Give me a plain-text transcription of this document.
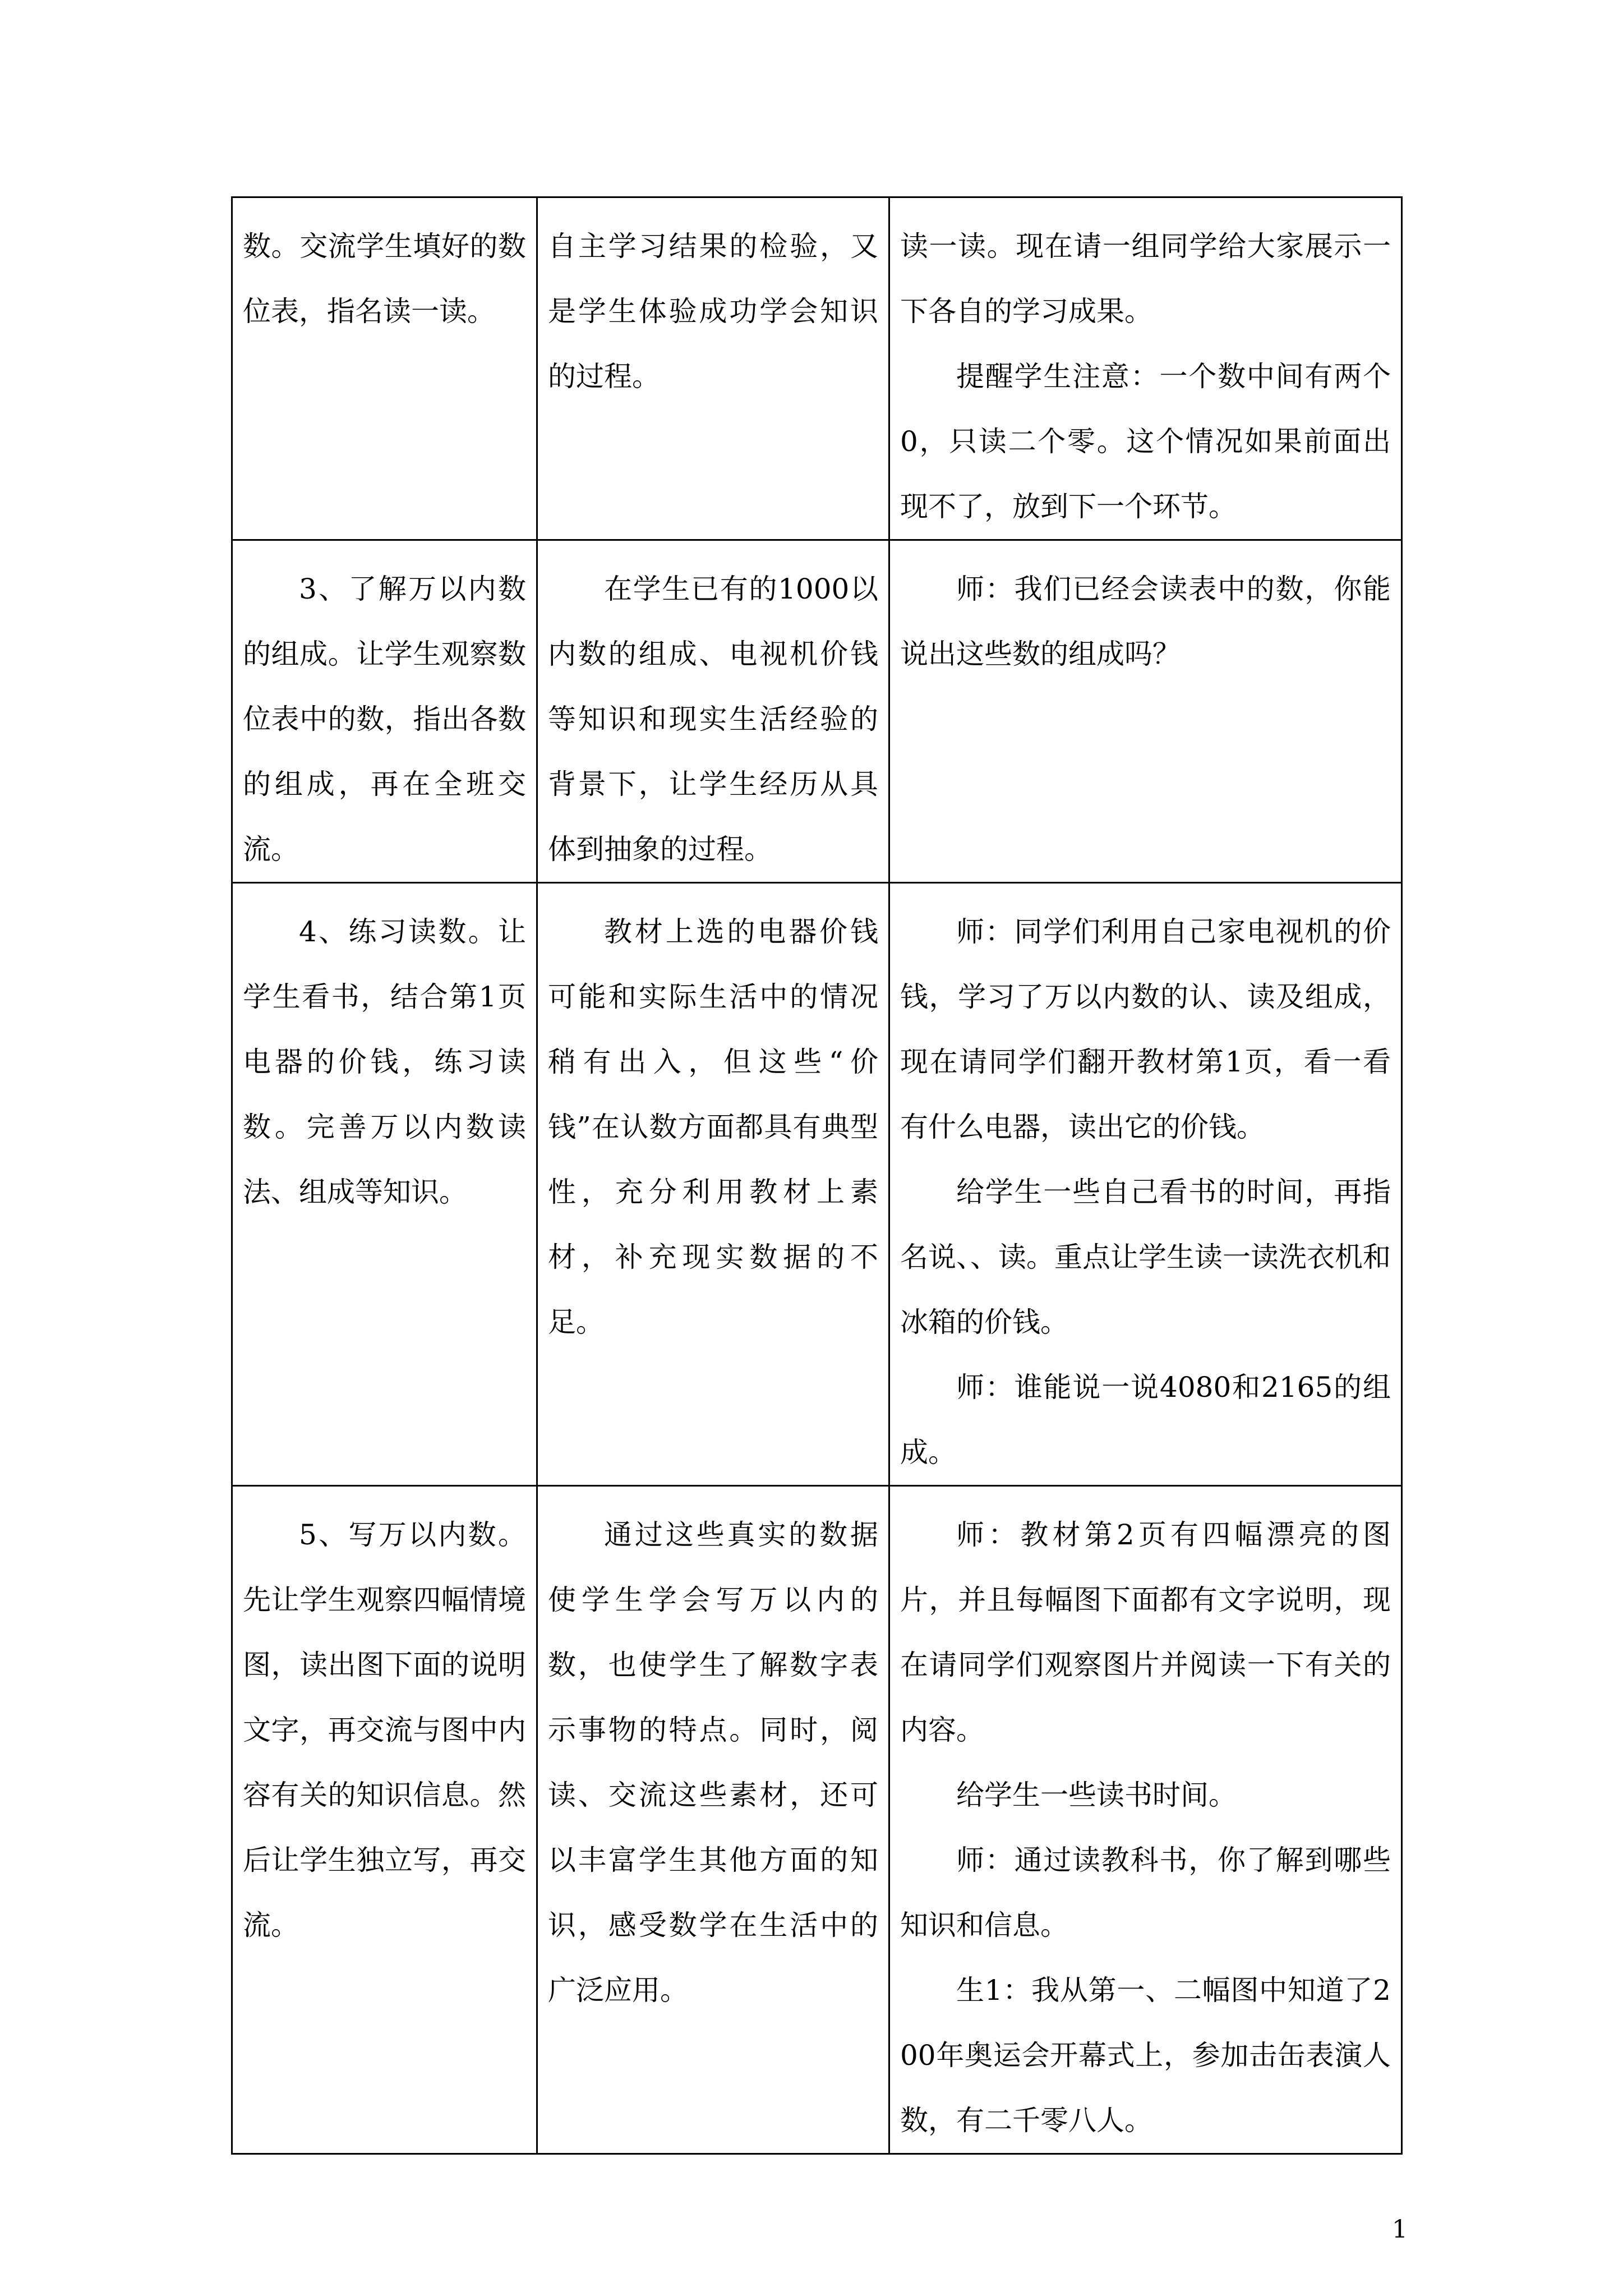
数。交流学生填好的数位表，指名读一读。	自主学习结果的检验，又是学生体验成功学会知识的过程。	读一读。现在请一组同学给大家展示一下各自的学习成果。

提醒学生注意：一个数中间有两个0，只读二个零。这个情况如果前面出现不了，放到下一个环节。

3、了解万以内数的组成。让学生观察数位表中的数，指出各数的组成，再在全班交流。	在学生已有的1000以内数的组成、电视机价钱等知识和现实生活经验的背景下，让学生经历从具体到抽象的过程。	师：我们已经会读表中的数，你能说出这些数的组成吗？

4、练习读数。让学生看书，结合第1页电器的价钱，练习读数。完善万以内数读法、组成等知识。	教材上选的电器价钱可能和实际生活中的情况稍有出入，但这些“价钱”在认数方面都具有典型性，充分利用教材上素材，补充现实数据的不足。	师：同学们利用自己家电视机的价钱，学习了万以内数的认、读及组成，现在请同学们翻开教材第1页，看一看有什么电器，读出它的价钱。

给学生一些自己看书的时间，再指名说、、读。重点让学生读一读洗衣机和冰箱的价钱。

师：谁能说一说4080和2165的组成。

5、写万以内数。先让学生观察四幅情境图，读出图下面的说明文字，再交流与图中内容有关的知识信息。然后让学生独立写，再交流。	通过这些真实的数据使学生学会写万以内的数，也使学生了解数字表示事物的特点。同时，阅读、交流这些素材，还可以丰富学生其他方面的知识，感受数学在生活中的广泛应用。	师：教材第2页有四幅漂亮的图片，并且每幅图下面都有文字说明，现在请同学们观察图片并阅读一下有关的内容。

给学生一些读书时间。

师：通过读教科书，你了解到哪些知识和信息。

生1：我从第一、二幅图中知道了200年奥运会开幕式上，参加击缶表演人数，有二千零八人。

1
